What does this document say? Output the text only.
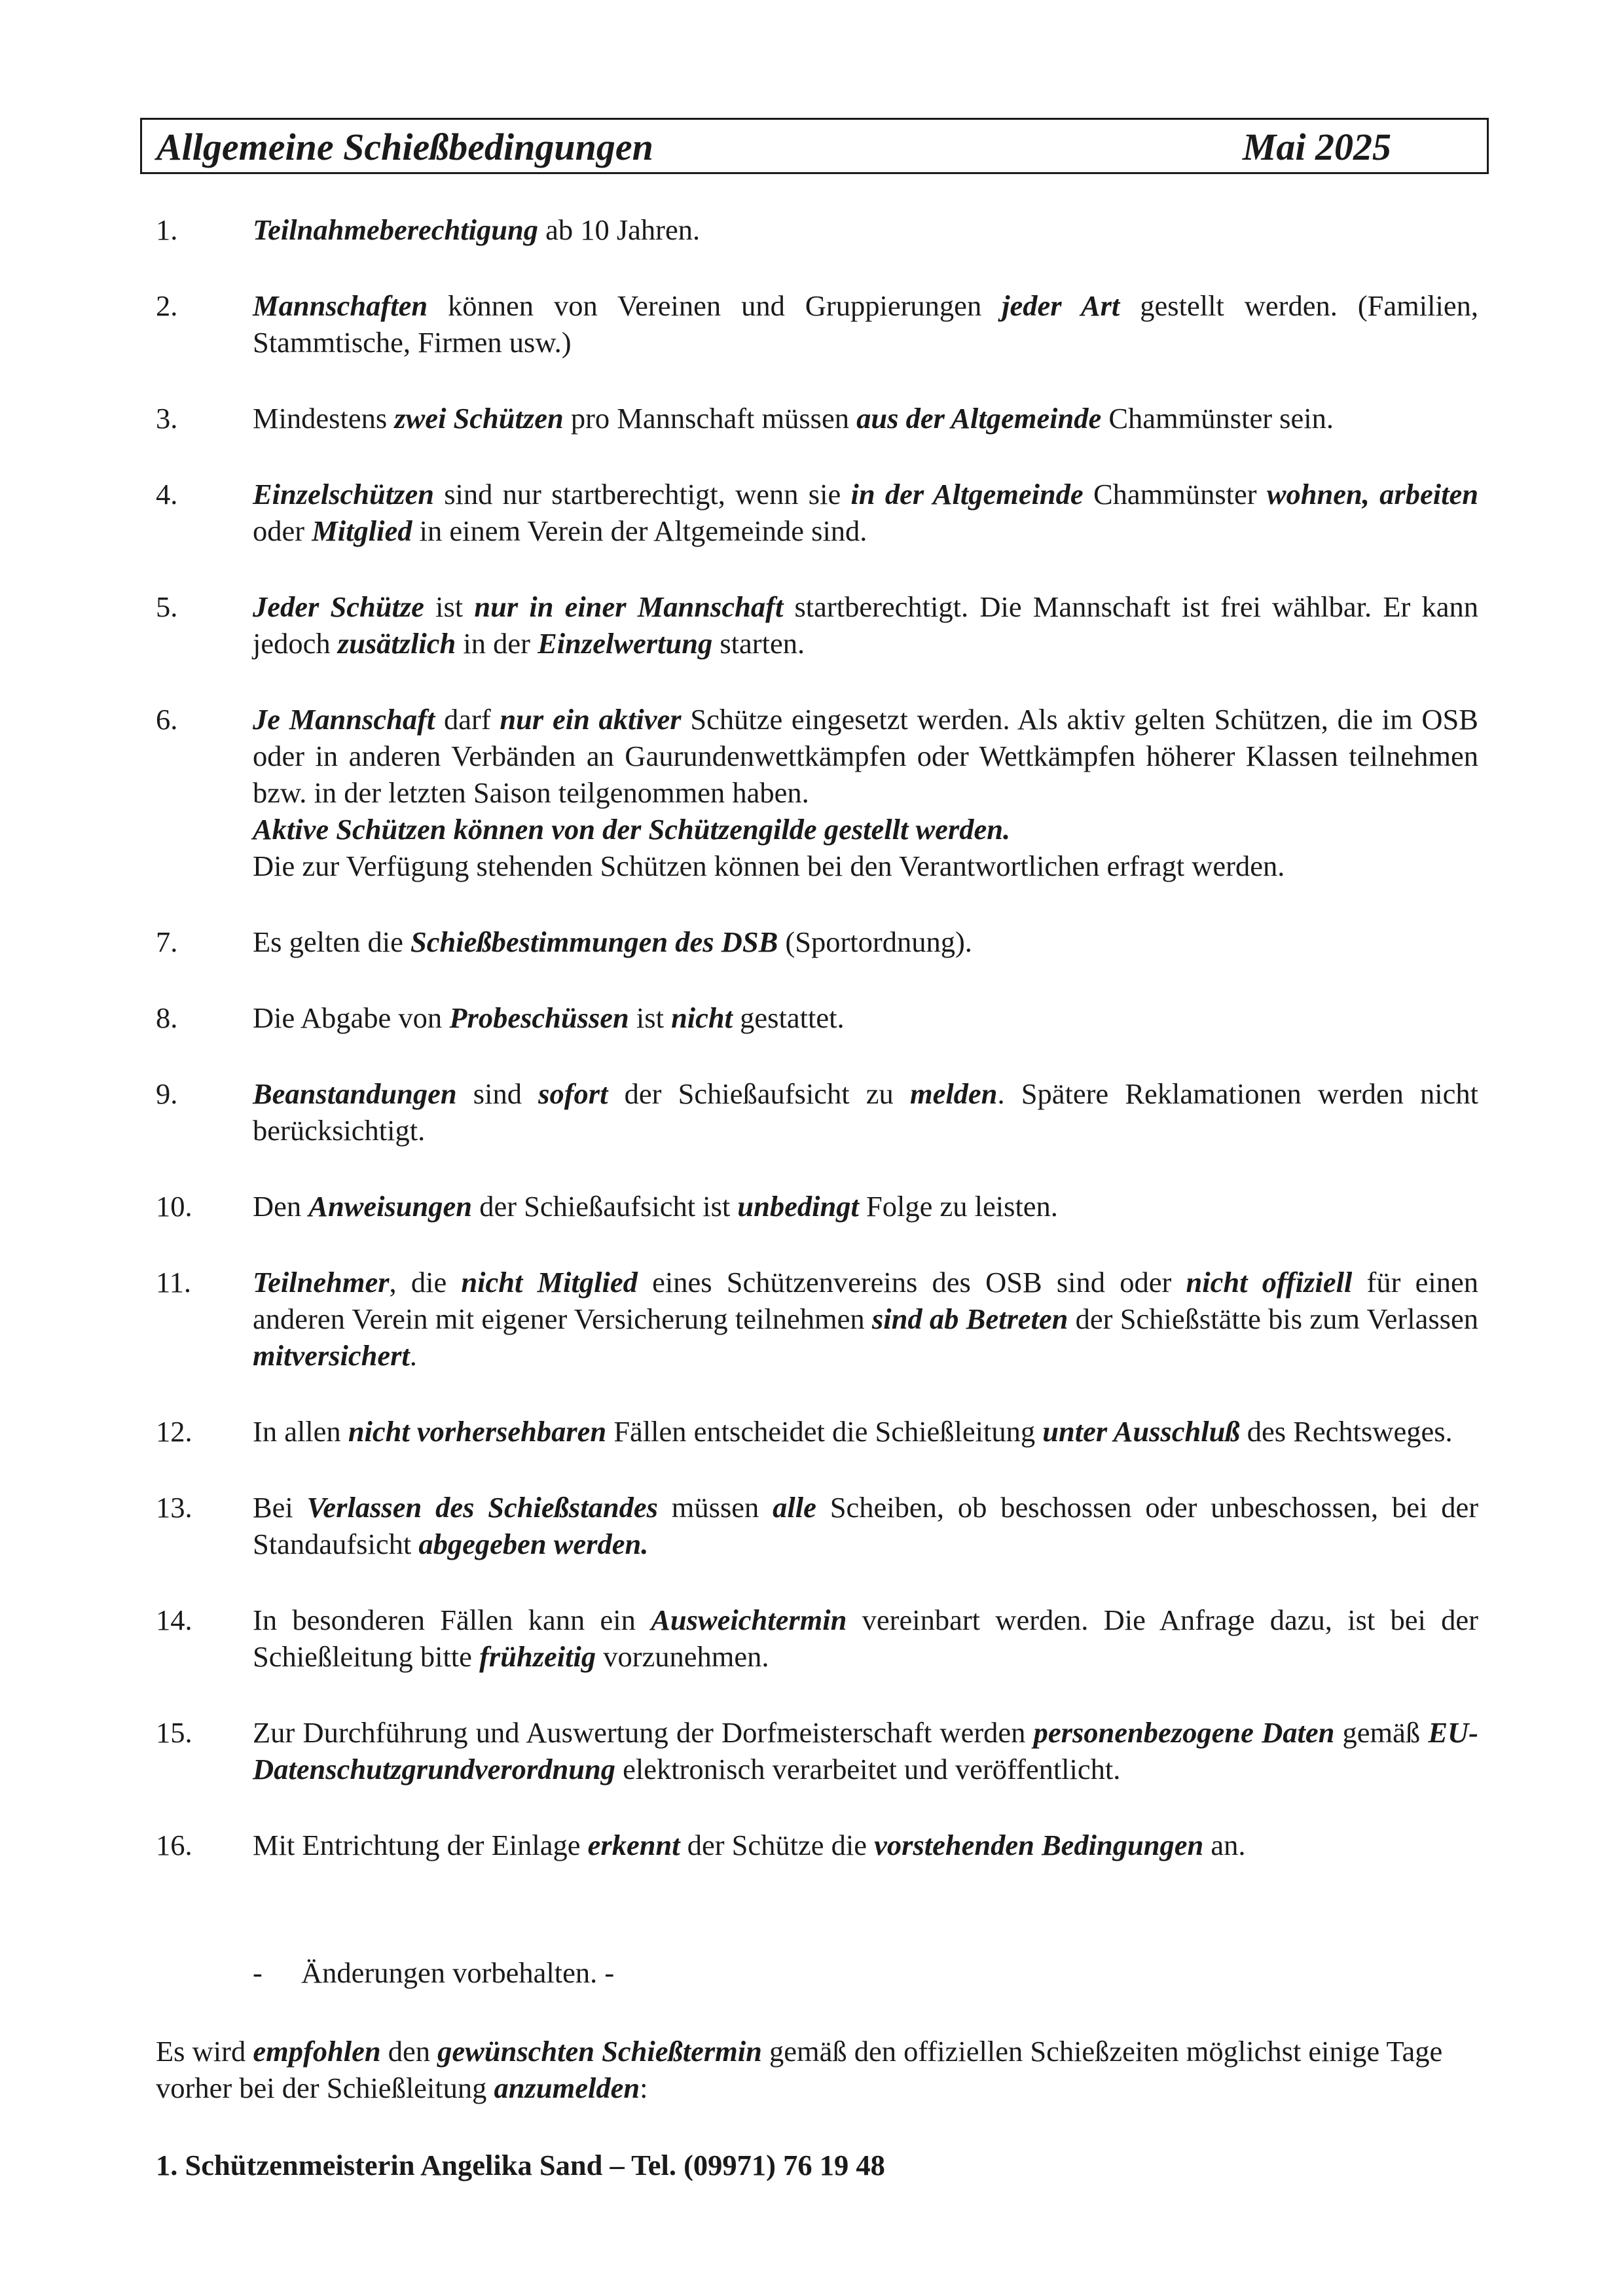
Allgemeine Schießbedingungen	Mai 2025
1.	Teilnahmeberechtigung ab 10 Jahren.
2.	Mannschaften können von Vereinen und Gruppierungen jeder Art gestellt werden. (Familien, Stammtische, Firmen usw.)
3.	Mindestens zwei Schützen pro Mannschaft müssen aus der Altgemeinde Chammünster sein.
4.	Einzelschützen sind nur startberechtigt, wenn sie in der Altgemeinde Chammünster wohnen, arbeiten oder Mitglied in einem Verein der Altgemeinde sind.
5.	Jeder Schütze ist nur in einer Mannschaft startberechtigt. Die Mannschaft ist frei wählbar. Er kann jedoch zusätzlich in der Einzelwertung starten.
6.	Je Mannschaft darf nur ein aktiver Schütze eingesetzt werden. Als aktiv gelten Schützen, die im OSB oder in anderen Verbänden an Gaurundenwettkämpfen oder Wettkämpfen höherer Klassen teilnehmen bzw. in der letzten Saison teilgenommen haben.
Aktive Schützen können von der Schützengilde gestellt werden.
Die zur Verfügung stehenden Schützen können bei den Verantwortlichen erfragt werden.
7.	Es gelten die Schießbestimmungen des DSB (Sportordnung).
8.	Die Abgabe von Probeschüssen ist nicht gestattet.
9.	Beanstandungen sind sofort der Schießaufsicht zu melden. Spätere Reklamationen werden nicht berücksichtigt.
10.	Den Anweisungen der Schießaufsicht ist unbedingt Folge zu leisten.
11.	Teilnehmer, die nicht Mitglied eines Schützenvereins des OSB sind oder nicht offiziell für einen anderen Verein mit eigener Versicherung teilnehmen sind ab Betreten der Schießstätte bis zum Verlassen mitversichert.
12.	In allen nicht vorhersehbaren Fällen entscheidet die Schießleitung unter Ausschluß des Rechtsweges.
13.	Bei Verlassen des Schießstandes müssen alle Scheiben, ob beschossen oder unbeschossen, bei der Standaufsicht abgegeben werden.
14.	In besonderen Fällen kann ein Ausweichtermin vereinbart werden. Die Anfrage dazu, ist bei der Schießleitung bitte frühzeitig vorzunehmen.
15.	Zur Durchführung und Auswertung der Dorfmeisterschaft werden personenbezogene Daten gemäß EU-Datenschutzgrundverordnung elektronisch verarbeitet und veröffentlicht.
16.	Mit Entrichtung der Einlage erkennt der Schütze die vorstehenden Bedingungen an.
- Änderungen vorbehalten. -

Es wird empfohlen den gewünschten Schießtermin gemäß den offiziellen Schießzeiten möglichst einige Tage vorher bei der Schießleitung anzumelden:

1. Schützenmeisterin Angelika Sand – Tel. (09971) 76 19 48
